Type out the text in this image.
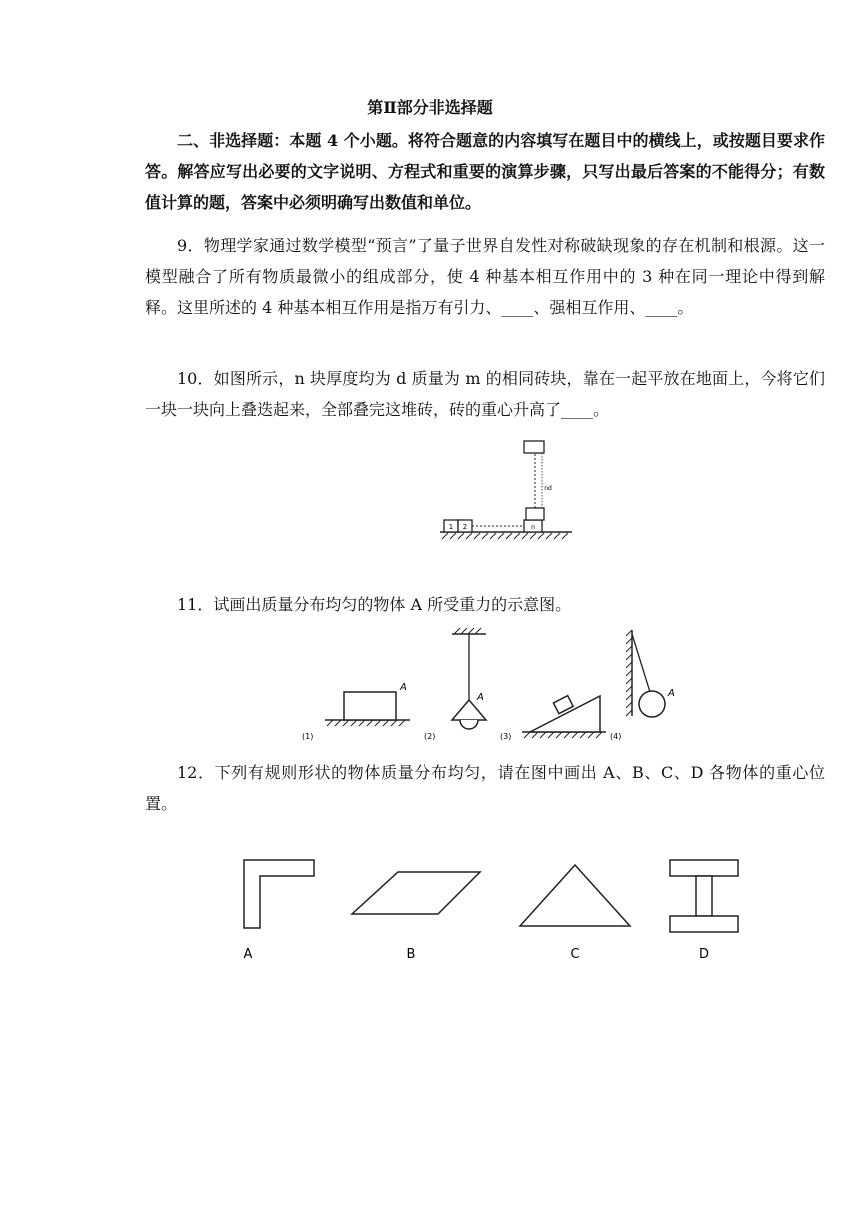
第Ⅱ部分非选择题
二、非选择题：本题 4 个小题。将符合题意的内容填写在题目中的横线上，或按题目要求作答。解答应写出必要的文字说明、方程式和重要的演算步骤，只写出最后答案的不能得分；有数值计算的题，答案中必须明确写出数值和单位。
9．物理学家通过数学模型“预言”了量子世界自发性对称破缺现象的存在机制和根源。这一模型融合了所有物质最微小的组成部分，使 4 种基本相互作用中的 3 种在同一理论中得到解释。这里所述的 4 种基本相互作用是指万有引力、____、强相互作用、____。
10．如图所示，n 块厚度均为 d 质量为 m 的相同砖块，靠在一起平放在地面上，今将它们一块一块向上叠迭起来，全部叠完这堆砖，砖的重心升高了____。
1 2	n
nd
11．试画出质量分布均匀的物体 A 所受重力的示意图。
A
(1)
A
(2)	(3)
A
(4)
12．下列有规则形状的物体质量分布均匀，请在图中画出 A、B、C、D 各物体的重心位置。
A	B	C	D
